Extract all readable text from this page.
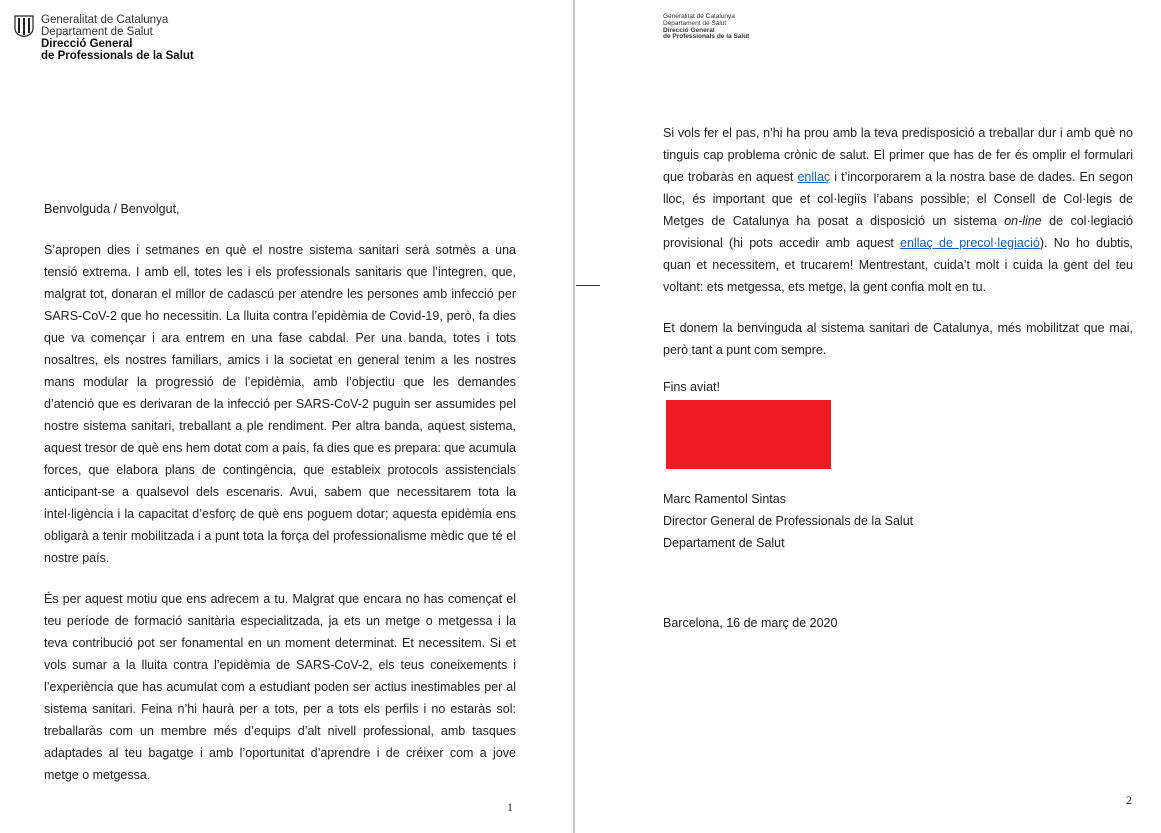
Generalitat de Catalunya
Departament de Salut
Direcció General
de Professionals de la Salut

Benvolguda / Benvolgut,

S’apropen dies i setmanes en què el nostre sistema sanitari serà sotmès a una tensió extrema. I amb ell, totes les i els professionals sanitaris que l’integren, que, malgrat tot, donaran el millor de cadascú per atendre les persones amb infecció per SARS-CoV-2 que ho necessitin. La lluita contra l’epidèmia de Covid-19, però, fa dies que va començar i ara entrem en una fase cabdal. Per una banda, totes i tots nosaltres, els nostres familiars, amics i la societat en general tenim a les nostres mans modular la progressió de l’epidèmia, amb l’objectiu que les demandes d’atenció que es derivaran de la infecció per SARS-CoV-2 puguin ser assumides pel nostre sistema sanitari, treballant a ple rendiment. Per altra banda, aquest sistema, aquest tresor de què ens hem dotat com a país, fa dies que es prepara: que acumula forces, que elabora plans de contingència, que estableix protocols assistencials anticipant-se a qualsevol dels escenaris. Avui, sabem que necessitarem tota la intel·ligència i la capacitat d’esforç de què ens poguem dotar; aquesta epidèmia ens obligarà a tenir mobilitzada i a punt tota la força del professionalisme mèdic que té el nostre país.

És per aquest motiu que ens adrecem a tu. Malgrat que encara no has començat el teu període de formació sanitària especialitzada, ja ets un metge o metgessa i la teva contribució pot ser fonamental en un moment determinat. Et necessitem. Si et vols sumar a la lluita contra l’epidèmia de SARS-CoV-2, els teus coneixements i l’experiència que has acumulat com a estudiant poden ser actius inestimables per al sistema sanitari. Feina n’hi haurà per a tots, per a tots els perfils i no estaràs sol: treballaràs com un membre més d’equips d’alt nivell professional, amb tasques adaptades al teu bagatge i amb l’oportunitat d’aprendre i de créixer com a jove metge o metgessa.

1
Generalitat de Catalunya
Departament de Salut
Direcció General
de Professionals de la Salut

Si vols fer el pas, n’hi ha prou amb la teva predisposició a treballar dur i amb què no tinguis cap problema crònic de salut. El primer que has de fer és omplir el formulari que trobaràs en aquest enllaç i t’incorporarem a la nostra base de dades. En segon lloc, és important que et col·legiïs l’abans possible; el Consell de Col·legis de Metges de Catalunya ha posat a disposició un sistema on-line de col·legiació provisional (hi pots accedir amb aquest enllaç de precol·legiació). No ho dubtis, quan et necessitem, et trucarem! Mentrestant, cuida’t molt i cuida la gent del teu voltant: ets metgessa, ets metge, la gent confia molt en tu.

Et donem la benvinguda al sistema sanitari de Catalunya, més mobilitzat que mai, però tant a punt com sempre.

Fins aviat!
Marc Ramentol Sintas
Director General de Professionals de la Salut
Departament de Salut
Barcelona, 16 de març de 2020
2
